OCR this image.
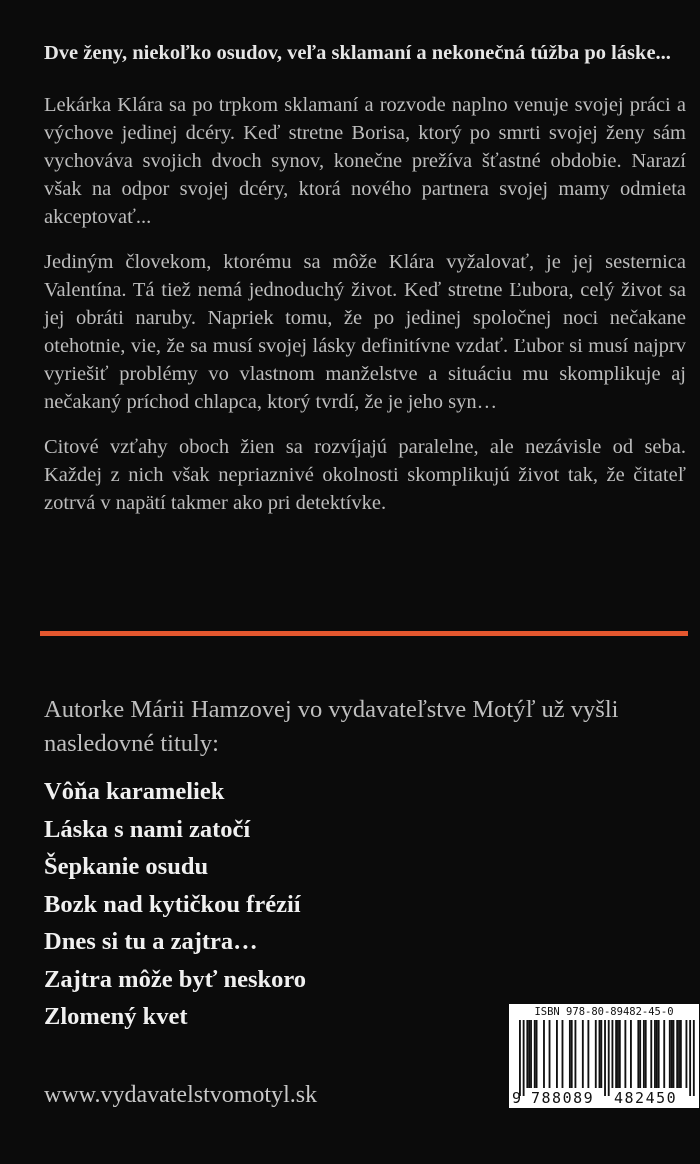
Dve ženy, niekoľko osudov, veľa sklamaní a nekonečná túžba po láske...

Lekárka Klára sa po trpkom sklamaní a rozvode naplno venuje svojej práci a výchove jedinej dcéry. Keď stretne Borisa, ktorý po smrti svojej ženy sám vychováva svojich dvoch synov, konečne prežíva šťastné obdobie. Narazí však na odpor svojej dcéry, ktorá nového partnera svojej mamy odmieta akceptovať...

Jediným človekom, ktorému sa môže Klára vyžalovať, je jej sesternica Valentína. Tá tiež nemá jednoduchý život. Keď stretne Ľubora, celý život sa jej obráti naruby. Napriek tomu, že po jedinej spoločnej noci nečakane otehotnie, vie, že sa musí svojej lásky definitívne vzdať. Ľubor si musí najprv vyriešiť problémy vo vlastnom manželstve a situáciu mu skomplikuje aj nečakaný príchod chlapca, ktorý tvrdí, že je jeho syn…

Citové vzťahy oboch žien sa rozvíjajú paralelne, ale nezávisle od seba. Každej z nich však nepriaznivé okolnosti skomplikujú život tak, že čitateľ zotrvá v napätí takmer ako pri detektívke.

Autorke Márii Hamzovej vo vydavateľstve Motýľ už vyšli nasledovné tituly:

Vôňa karameliek
Láska s nami zatočí
Šepkanie osudu
Bozk nad kytičkou frézií
Dnes si tu a zajtra…
Zajtra môže byť neskoro
Zlomený kvet

www.vydavatelstvomotyl.sk

ISBN 978-80-89482-45-0
9 788089 482450
